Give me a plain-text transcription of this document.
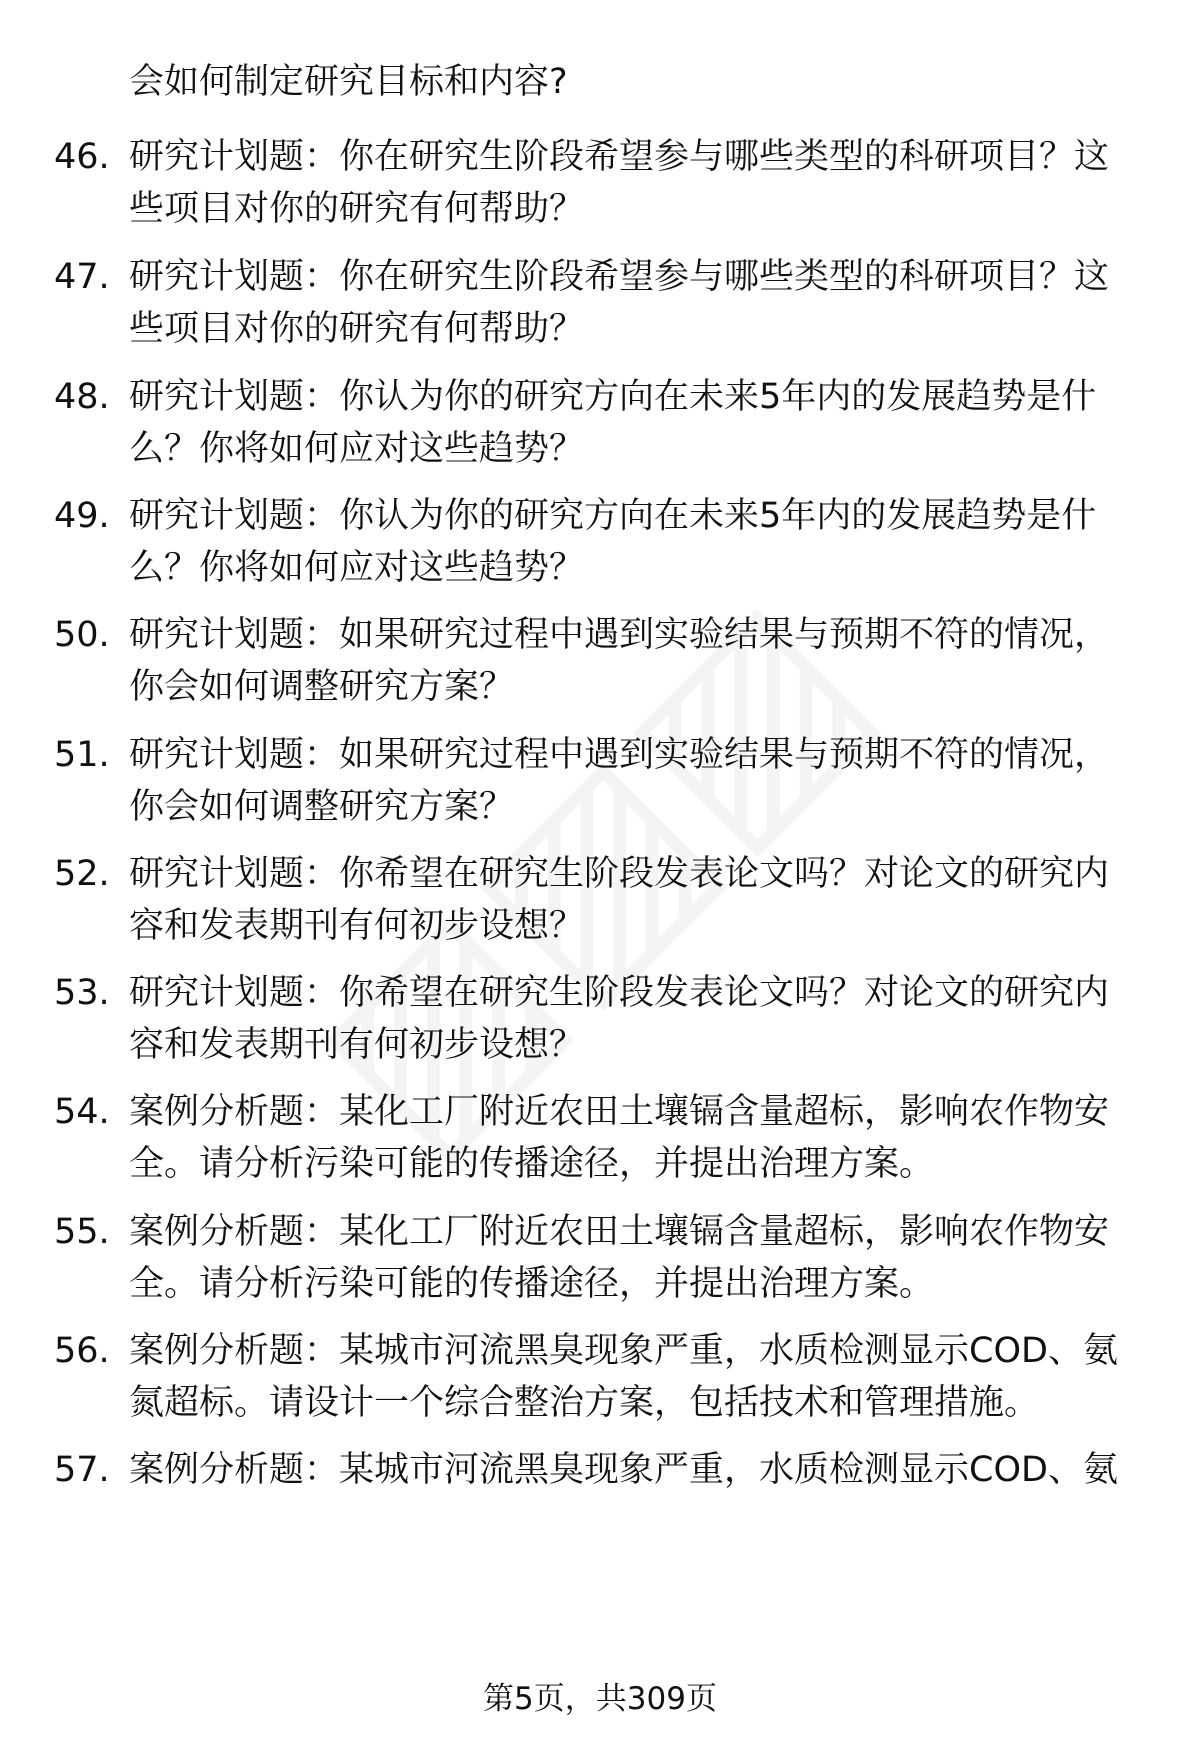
会如何制定研究目标和内容?
46. 研究计划题：你在研究生阶段希望参与哪些类型的科研项目？这
些项目对你的研究有何帮助？
47. 研究计划题：你在研究生阶段希望参与哪些类型的科研项目？这
些项目对你的研究有何帮助？
48. 研究计划题：你认为你的研究方向在未来5年内的发展趋势是什
么？你将如何应对这些趋势？
49. 研究计划题：你认为你的研究方向在未来5年内的发展趋势是什
么？你将如何应对这些趋势？
50. 研究计划题：如果研究过程中遇到实验结果与预期不符的情况，
你会如何调整研究方案？
51. 研究计划题：如果研究过程中遇到实验结果与预期不符的情况，
你会如何调整研究方案？
52. 研究计划题：你希望在研究生阶段发表论文吗？对论文的研究内
容和发表期刊有何初步设想？
53. 研究计划题：你希望在研究生阶段发表论文吗？对论文的研究内
容和发表期刊有何初步设想？
54. 案例分析题：某化工厂附近农田土壤镉含量超标，影响农作物安
全。请分析污染可能的传播途径，并提出治理方案。
55. 案例分析题：某化工厂附近农田土壤镉含量超标，影响农作物安
全。请分析污染可能的传播途径，并提出治理方案。
56. 案例分析题：某城市河流黑臭现象严重，水质检测显示COD、氨
氮超标。请设计一个综合整治方案，包括技术和管理措施。
57. 案例分析题：某城市河流黑臭现象严重，水质检测显示COD、氨
第5页，共309页
